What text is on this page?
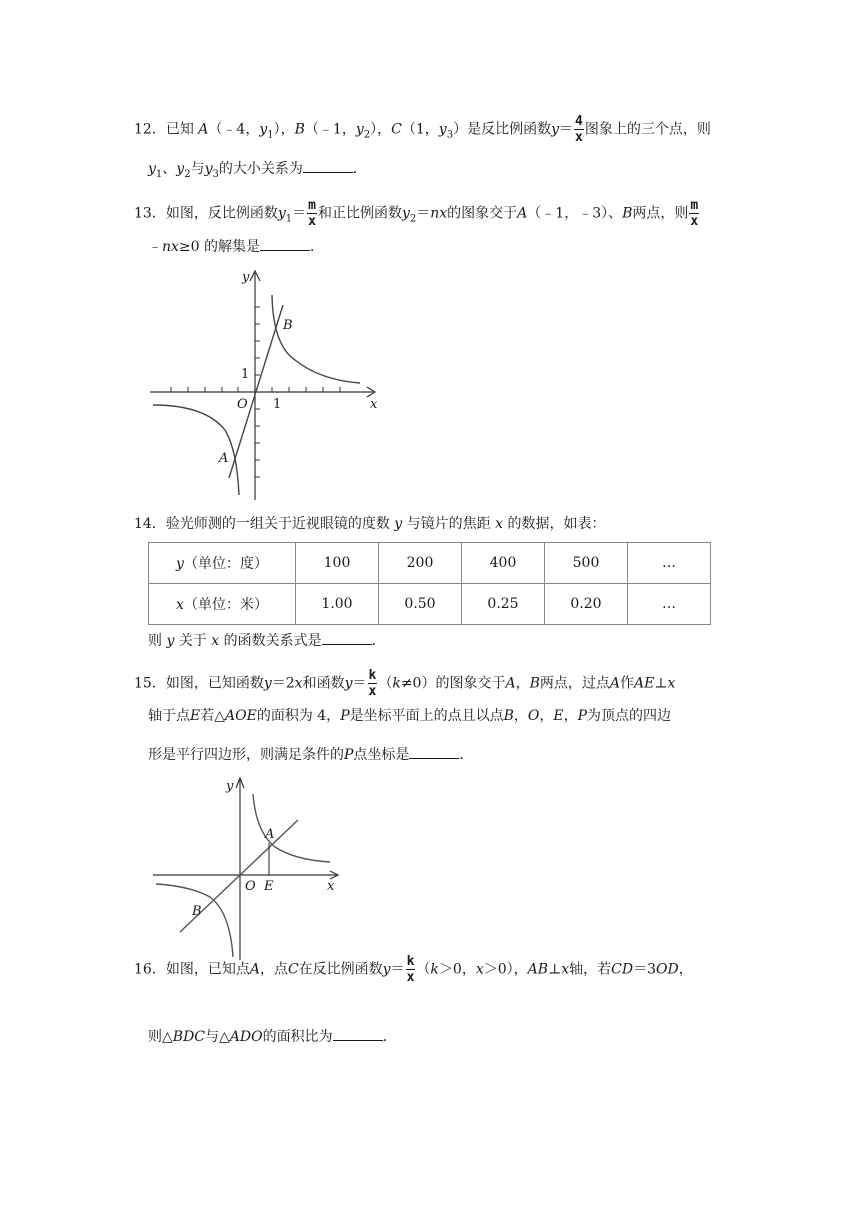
12．已知 A（﹣4，$y_1$），B（﹣1，$y_2$），C（1，$y_3$）是反比例函数$y= \frac{4}{x}$ 图象上的三个点，则
$y_1$、$y_2$与$y_3$的大小关系为	．
13．如图，反比例函数$y_1= \frac{m}{x}$ 和正比例函数$y_2=nx$的图象交于A（﹣1，﹣3）、B两点，则 $\frac{m}{x}$
﹣nx≥0 的解集是	．
y
x
O 1
1
A
B
14．验光师测的一组关于近视眼镜的度数 y 与镜片的焦距 x 的数据，如表：
y（单位：度）	100	200	400	500	…
x（单位：米）	1.00	0.50	0.25	0.20	…
则 y 关于 x 的函数关系式是	．
15．如图，已知函数y＝2x和函数$y= \frac{k}{x} (k\ne 0)$的图象交于A，B两点，过点A作AE⊥x
轴于点E若△AOE的面积为 4，P是坐标平面上的点且以点B，O，E，P为顶点的四边
形是平行四边形，则满足条件的P点坐标是	．
y
x
O E
A
B
16．如图，已知点A，点C在反比例函数$y= \frac{k}{x} (k>0$，x＞0），AB⊥x轴，若CD＝3OD，
则△BDC与△ADO的面积比为	．
